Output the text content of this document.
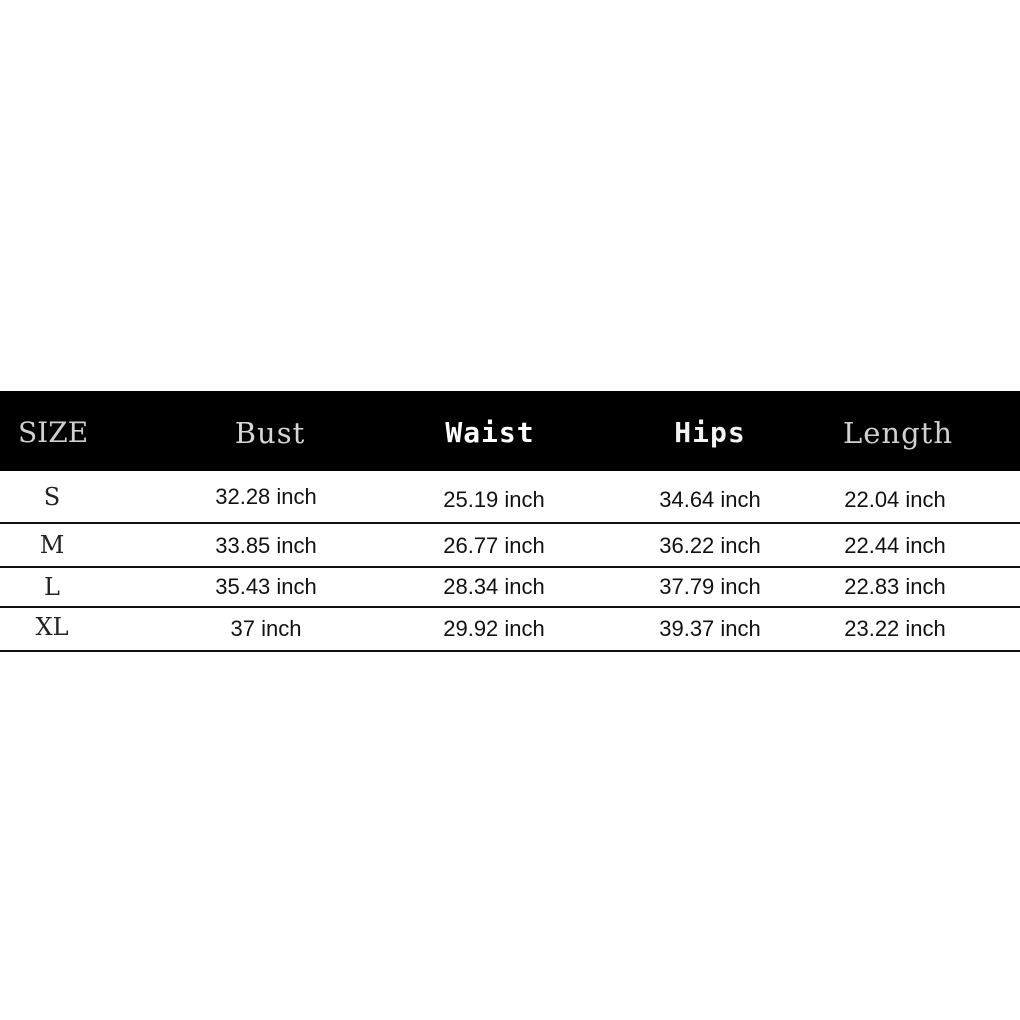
SIZE	Bust	Waist	Hips	Length
S	32.28 inch	25.19 inch	34.64 inch	22.04 inch
M	33.85 inch	26.77 inch	36.22 inch	22.44 inch
L	35.43 inch	28.34 inch	37.79 inch	22.83 inch
XL	37 inch	29.92 inch	39.37 inch	23.22 inch
